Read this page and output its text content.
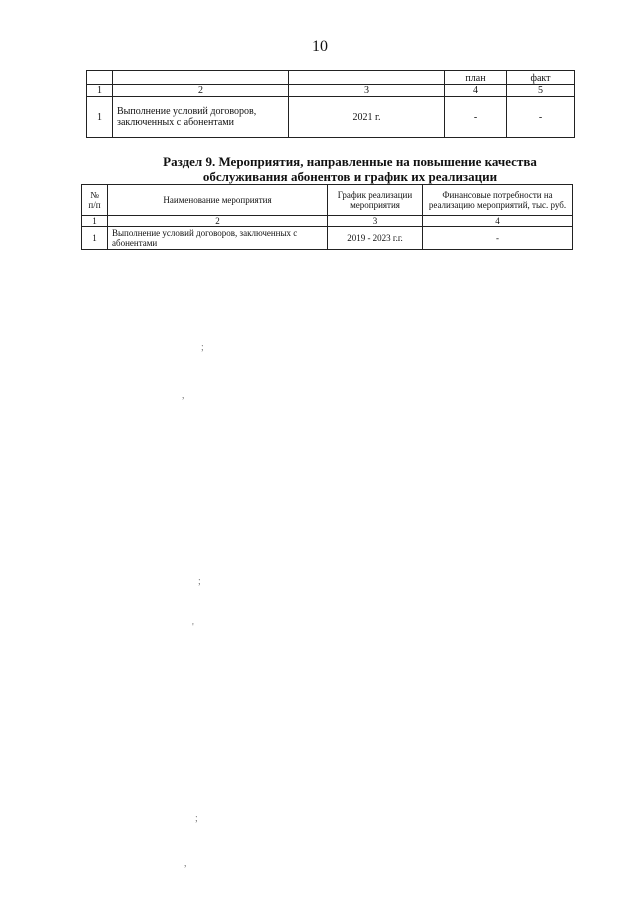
10
			план	факт
1	2	3	4	5
1	Выполнение условий договоров, заключенных с абонентами	2021 г.	-	-
Раздел 9. Мероприятия, направленные на повышение качества
обслуживания абонентов и график их реализации
№ п/п	Наименование мероприятия	График реализации мероприятия	Финансовые потребности на реализацию мероприятий, тыс. руб.
1	2	3	4
1	Выполнение условий договоров, заключенных с абонентами	2019 - 2023 г.г.	-
;
,
;
'
;
,
